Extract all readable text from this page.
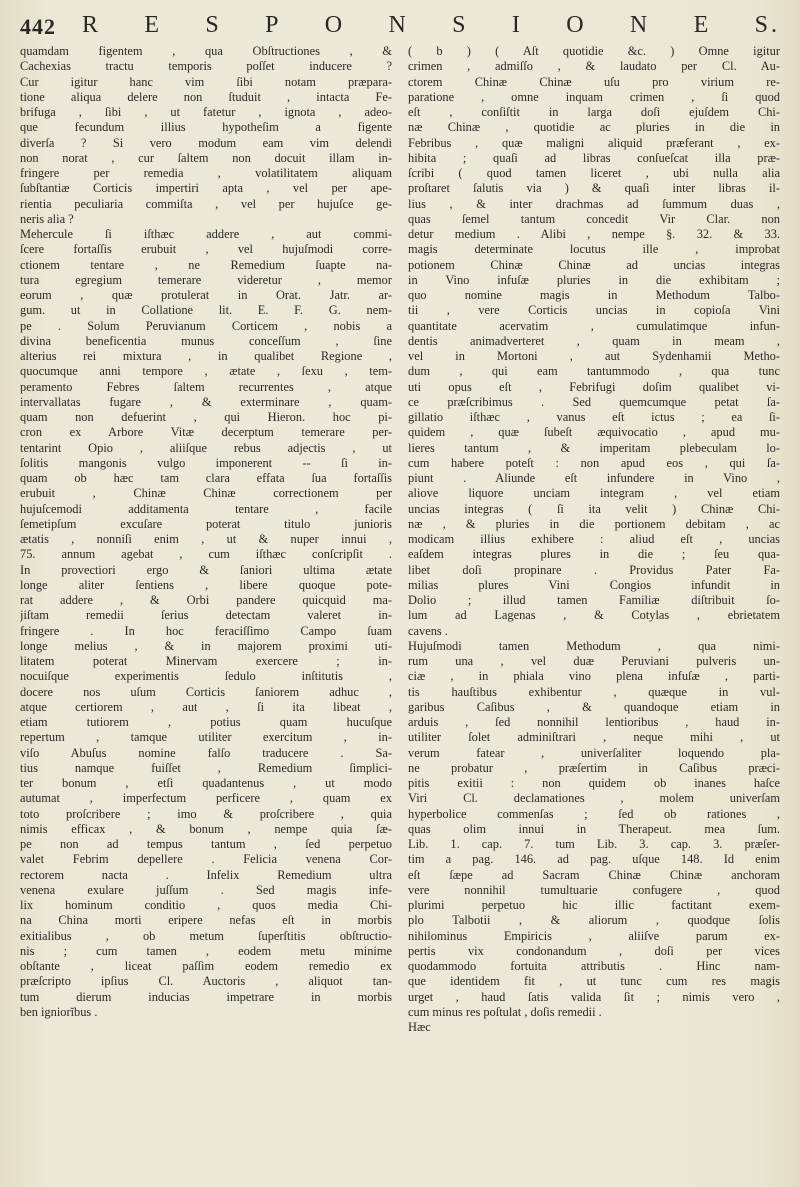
442 R E S P O N S I O N E S.
quamdam figentem , qua Obſtructiones , &
Cachexias tractu temporis poſſet inducere ?
Cur igitur hanc vim ſibi notam præpara-
tione aliqua delere non ſtuduit , intacta Fe-
brifuga , ſibi , ut fatetur , ignota , adeo-
que fecundum illius hypotheſim a figente
diverſa ? Si vero modum eam vim delendi
non norat , cur ſaltem non docuit illam in-
fringere per remedia , volatilitatem aliquam
ſubſtantiæ Corticis impertiri apta , vel per ape-
rientia peculiaria commiſta , vel per hujuſce ge-
neris alia ?
Mehercule ſi iſthæc addere , aut commi-
ſcere fortaſſis erubuit , vel hujuſmodi corre-
ctionem tentare , ne Remedium ſuapte na-
tura egregium temerare videretur , memor
eorum , quæ protulerat in Orat. Jatr. ar-
gum. ut in Collatione lit. E. F. G. nem-
pe . Solum Peruvianum Corticem , nobis a
divina beneficentia munus conceſſum , ſine
alterius rei mixtura , in qualibet Regione ,
quocumque anni tempore , ætate , ſexu , tem-
peramento Febres ſaltem recurrentes , atque
intervallatas fugare , & exterminare , quam-
quam non defuerint , qui Hieron. hoc pi-
cron ex Arbore Vitæ decerptum temerare per-
tentarint Opio , aliiſque rebus adjectis , ut
ſolitis mangonis vulgo imponerent -- ſi in-
quam ob hæc tam clara effata ſua fortaſſis
erubuit , Chinæ Chinæ correctionem per
hujuſcemodi additamenta tentare , facile
ſemetipſum excuſare poterat titulo junioris
ætatis , nonniſi enim , ut & nuper innui ,
75. annum agebat , cum iſthæc conſcripſit .
In provectiori ergo & ſaniori ultima ætate
longe aliter ſentiens , libere quoque pote-
rat addere , & Orbi pandere quicquid ma-
jiſtam remedii ſerius detectam valeret in-
fringere . In hoc feraciſſimo Campo ſuam
longe melius , & in majorem proximi uti-
litatem poterat Minervam exercere ; in-
nocuiſque experimentis ſedulo inſtitutis ,
docere nos uſum Corticis ſaniorem adhuc ,
atque certiorem , aut , ſi ita libeat ,
etiam tutiorem , potius quam hucuſque
repertum , tamque utiliter exercitum , in-
viſo Abuſus nomine falſo traducere . Sa-
tius namque fuiſſet , Remedium ſimplici-
ter bonum , etſi quadantenus , ut modo
autumat , imperfectum perficere , quam ex
toto proſcribere ; imo & proſcribere , quia
nimis efficax , & bonum , nempe quia ſæ-
pe non ad tempus tantum , ſed perpetuo
valet Febrim depellere . Felicia venena Cor-
rectorem nacta . Infelix Remedium ultra
venena exulare juſſum . Sed magis infe-
lix hominum conditio , quos media Chi-
na China morti eripere nefas eſt in morbis
exitialibus , ob metum ſuperſtitis obſtructio-
nis ; cum tamen , eodem metu minime
obſtante , liceat paſſim eodem remedio ex
præſcripto ipſius Cl. Auctoris , aliquot tan-
tum dierum inducias impetrare in morbis
ben igniorĭbus .
( b ) ( Aſt quotidie &c. ) Omne igitur
crimen , admiſſo , & laudato per Cl. Au-
ctorem Chinæ Chinæ uſu pro virium re-
paratione , omne inquam crimen , ſi quod
eſt , conſiſtit in larga doſi ejuſdem Chi-
næ Chinæ , quotidie ac pluries in die in
Febribus , quæ maligni aliquid præferant , ex-
hibita ; quaſi ad libras conſueſcat illa præ-
ſcribi ( quod tamen liceret , ubi nulla alia
proſtaret ſalutis via ) & quaſi inter libras il-
lius , & inter drachmas ad ſummum duas ,
quas ſemel tantum concedit Vir Clar. non
detur medium . Alibi , nempe §. 32. & 33.
magis determinate locutus ille , improbat
potionem Chinæ Chinæ ad uncias integras
in Vino infuſæ pluries in die exhibitam ;
quo nomine magis in Methodum Talbo-
tii , vere Corticis uncias in copioſa Vini
quantitate acervatim , cumulatimque infun-
dentis animadverteret , quam in meam ,
vel in Mortoni , aut Sydenhamii Metho-
dum , qui eam tantummodo , qua tunc
uti opus eſt , Febrifugi doſim qualibet vi-
ce præſcribimus . Sed quemcumque petat ſa-
gillatio iſthæc , vanus eſt ictus ; ea ſi-
quidem , quæ ſubeſt æquivocatio , apud mu-
lieres tantum , & imperitam plebeculam lo-
cum habere poteſt : non apud eos , qui ſa-
piunt . Aliunde eſt infundere in Vino ,
aliove liquore unciam integram , vel etiam
uncias integras ( ſi ita velit ) Chinæ Chi-
næ , & pluries in die portionem debitam , ac
modicam illius exhibere : aliud eſt , uncias
eaſdem integras plures in die ; ſeu qua-
libet doſi propinare . Providus Pater Fa-
milias plures Vini Congios infundit in
Dolio ; illud tamen Familiæ diſtribuit ſo-
lum ad Lagenas , & Cotylas , ebrietatem
cavens .
Hujuſmodi tamen Methodum , qua nimi-
rum una , vel duæ Peruviani pulveris un-
ciæ , in phiala vino plena infuſæ , parti-
tis hauſtibus exhibentur , quæque in vul-
garibus Caſibus , & quandoque etiam in
arduis , ſed nonnihil lentioribus , haud in-
utiliter ſolet adminiſtrari , neque mihi , ut
verum fatear , univerſaliter loquendo pla-
ne probatur , præſertim in Caſibus præci-
pitis exitii : non quidem ob inanes haſce
Viri Cl. declamationes , molem univerſam
hyperbolice commenſas ; ſed ob rationes ,
quas olim innui in Therapeut. mea ſum.
Lib. 1. cap. 7. tum Lib. 3. cap. 3. præſer-
tim a pag. 146. ad pag. uſque 148. Id enim
eſt ſæpe ad Sacram Chinæ Chinæ anchoram
vere nonnihil tumultuarie confugere , quod
plurimi perpetuo hic illic factitant exem-
plo Talbotii , & aliorum , quodque ſolis
nihilominus Empiricis , aliiſve parum ex-
pertis vix condonandum , doſi per vices
quodammodo fortuita attributis . Hinc nam-
que identidem fit , ut tunc cum res magis
urget , haud ſatis valida ſit ; nimis vero ,
cum minus res poſtulat , doſis remedii .
Hæc
